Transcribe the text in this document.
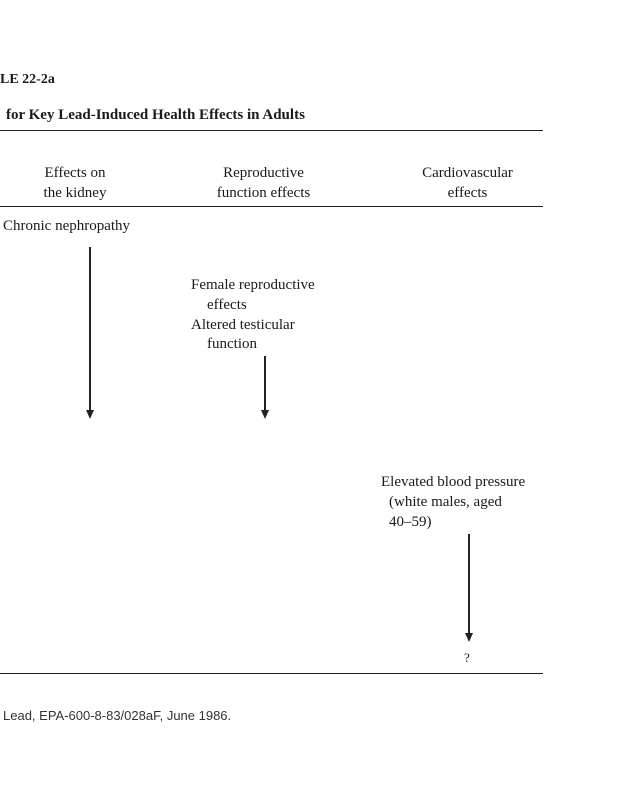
LE 22-2a
for Key Lead-Induced Health Effects in Adults
Effects on
the kidney
Reproductive
function effects
Cardiovascular
effects
Chronic nephropathy
Female reproductive
effects
Altered testicular
function
Elevated blood pressure
(white males, aged
40–59)
?
Lead, EPA-600-8-83/028aF, June 1986.
